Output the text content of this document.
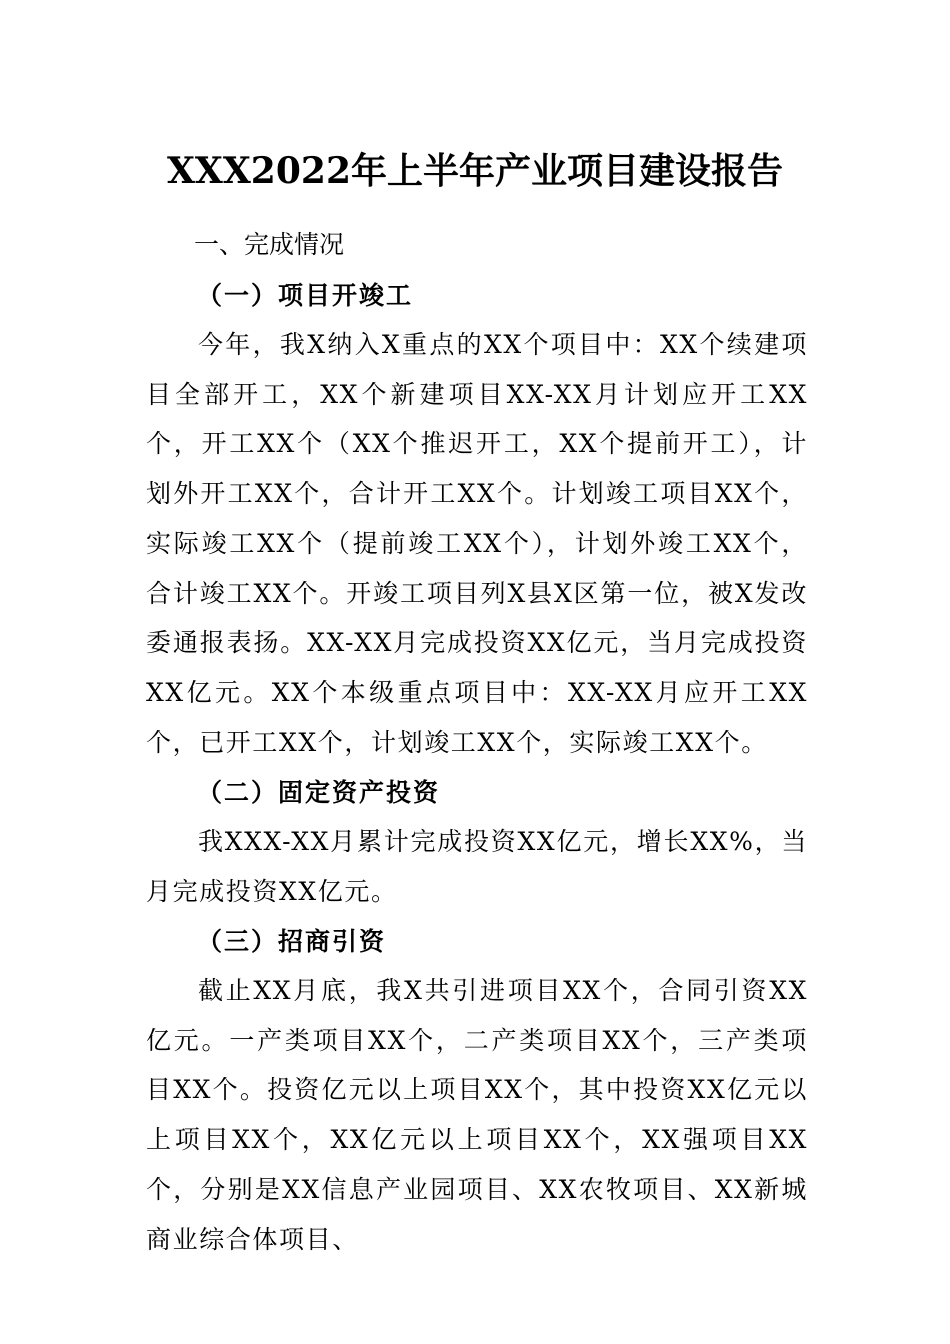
XXX2022年上半年产业项目建设报告
一、完成情况
（一）项目开竣工

今年，我X纳入X重点的XX个项目中：XX个续建项目全部开工，XX个新建项目XX-XX月计划应开工XX个，开工XX个（XX个推迟开工，XX个提前开工），计划外开工XX个，合计开工XX个。计划竣工项目XX个，实际竣工XX个（提前竣工XX个），计划外竣工XX个，合计竣工XX个。开竣工项目列X县X区第一位，被X发改委通报表扬。XX-XX月完成投资XX亿元，当月完成投资XX亿元。XX个本级重点项目中：XX-XX月应开工XX个，已开工XX个，计划竣工XX个，实际竣工XX个。

（二）固定资产投资

我XXX-XX月累计完成投资XX亿元，增长XX%，当月完成投资XX亿元。

（三）招商引资

截止XX月底，我X共引进项目XX个，合同引资XX亿元。一产类项目XX个，二产类项目XX个，三产类项目XX个。投资亿元以上项目XX个，其中投资XX亿元以上项目XX个，XX亿元以上项目XX个，XX强项目XX个，分别是XX信息产业园项目、XX农牧项目、XX新城商业综合体项目、
